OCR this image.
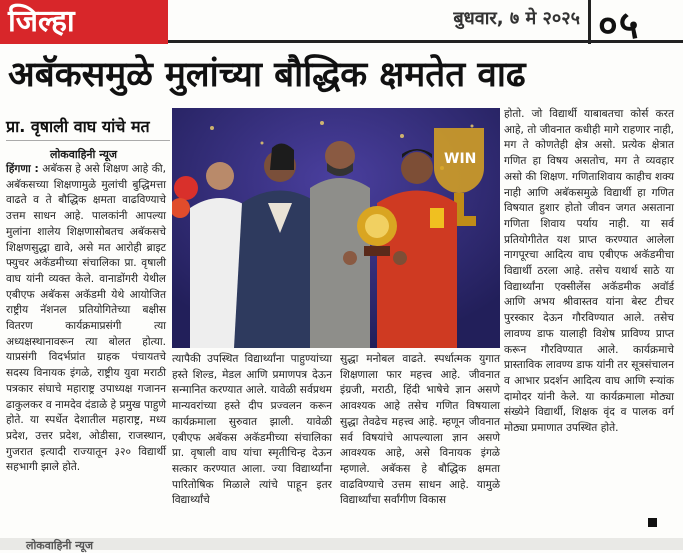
जिल्हा	बुधवार, ७ मे २०२५ ०५
अबॅकसमुळे मुलांच्या बौद्धिक क्षमतेत वाढ
प्रा. वृषाली वाघ यांचे मत
लोकवाहिनी न्यूज

हिंगणा : अबॅकस हे असे शिक्षण आहे की, अबॅकसच्या शिक्षणामुळे मुलांची बुद्धिमत्ता वाढते व ते बौद्धिक क्षमता वाढविण्याचे उत्तम साधन आहे. पालकांनी आपल्या मुलांना शालेय शिक्षणासोबतच अबॅकसचे शिक्षणसुद्धा द्यावे, असे मत आरोही ब्राइट फ्युचर अकॅडमीच्या संचालिका प्रा. वृषाली वाघ यांनी व्यक्त केले. वानाडोंगरी येथील एबीएफ अबॅकस अकॅडमी येथे आयोजित राष्ट्रीय नॅशनल प्रतियोगितेच्या बक्षीस वितरण कार्यक्रमाप्रसंगी त्या अध्यक्षस्थानावरून त्या बोलत होत्या. याप्रसंगी विदर्भप्रांत ग्राहक पंचायतचे सदस्य विनायक इंगळे, राष्ट्रीय युवा मराठी पत्रकार संघाचे महाराष्ट्र उपाध्यक्ष गजानन ढाकुलकर व नामदेव दंडाळे हे प्रमुख पाहुणे होते. या स्पर्धेत देशातील महाराष्ट्र, मध्य प्रदेश, उत्तर प्रदेश, ओडीसा, राजस्थान, गुजरात इत्यादी राज्यातून ३२० विद्यार्थी सहभागी झाले होते.

WIN

त्यापैकी उपस्थित विद्यार्थ्यांना पाहुण्यांच्या हस्ते शिल्ड, मेडल आणि प्रमाणपत्र देऊन सन्मानित करण्यात आले. यावेळी सर्वप्रथम मान्यवरांच्या हस्ते दीप प्रज्वलन करून कार्यक्रमाला सुरुवात झाली. यावेळी एबीएफ अबॅकस अकॅडमीच्या संचालिका प्रा. वृषाली वाघ यांचा स्मृतीचिन्ह देऊन सत्कार करण्यात आला. ज्या विद्यार्थ्यांना पारितोषिक मिळाले त्यांचे पाहून इतर विद्यार्थ्यांचे

सुद्धा मनोबल वाढते. स्पर्धात्मक युगात शिक्षणाला फार महत्त्व आहे. जीवनात इंग्रजी, मराठी, हिंदी भाषेचे ज्ञान असणे आवश्यक आहे तसेच गणित विषयाला सुद्धा तेवढेच महत्त्व आहे. म्हणून जीवनात सर्व विषयांचे आपल्याला ज्ञान असणे आवश्यक आहे, असे विनायक इंगळे म्हणाले. अबॅकस हे बौद्धिक क्षमता वाढविण्याचे उत्तम साधन आहे. यामुळे विद्यार्थ्यांचा सर्वांगीण विकास

होतो. जो विद्यार्थी याबाबतचा कोर्स करत आहे, तो जीवनात कधीही मागे राहणार नाही, मग ते कोणतेही क्षेत्र असो. प्रत्येक क्षेत्रात गणित हा विषय असतोच, मग ते व्यवहार असो की शिक्षण. गणिताशिवाय काहीच शक्य नाही आणि अबॅकसमुळे विद्यार्थी हा गणित विषयात हुशार होतो जीवन जगत असताना गणिता शिवाय पर्याय नाही. या सर्व प्रतियोगीतेत यश प्राप्त करण्यात आलेला नागपूरचा आदित्य वाघ एबीएफ अकॅडमीचा विद्यार्थी ठरला आहे. तसेच यथार्थ साठे या विद्यार्थ्यांना एक्सीलेंस अकॅडमीक अवॉर्ड आणि अभय श्रीवास्तव यांना बेस्ट टीचर पुरस्कार देऊन गौरविण्यात आले. तसेच लावण्य डाफ यालाही विशेष प्राविण्य प्राप्त करून गौरविण्यात आले. कार्यक्रमाचे प्रास्ताविक लावण्य डाफ यांनी तर सूत्रसंचालन व आभार प्रदर्शन आदित्य वाघ आणि स्ऱ्यांक दामोदर यांनी केले. या कार्यक्रमाला मोठ्या संख्येने विद्यार्थी, शिक्षक वृंद व पालक वर्ग मोठ्या प्रमाणात उपस्थित होते.

लोकवाहिनी न्यूज
